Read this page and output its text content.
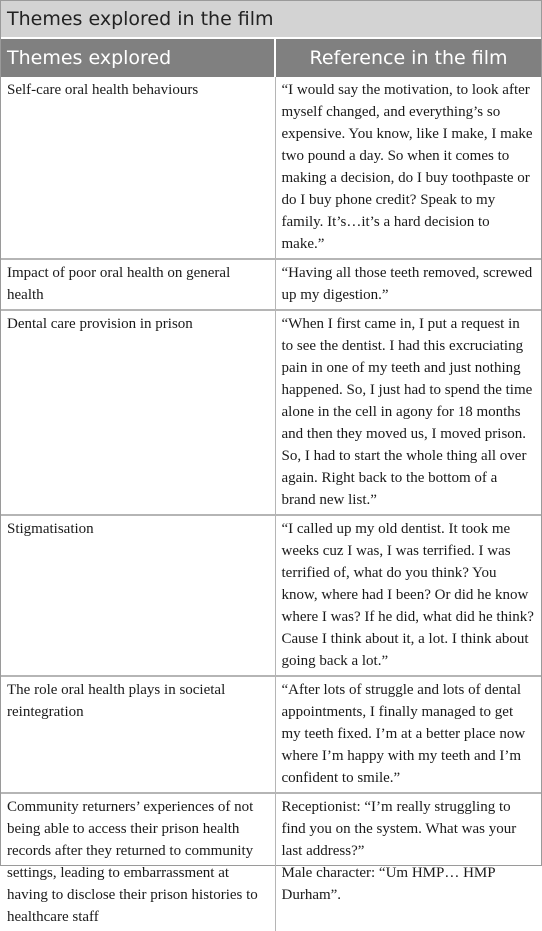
Themes explored in the film
Themes explored	Reference in the film
Self-care oral health behaviours	“I would say the motivation, to look after myself changed, and everything’s so expensive. You know, like I make, I make two pound a day. So when it comes to making a decision, do I buy toothpaste or do I buy phone credit? Speak to my family. It’s…it’s a hard decision to make.”
Impact of poor oral health on general health	“Having all those teeth removed, screwed up my digestion.”
Dental care provision in prison	“When I first came in, I put a request in to see the dentist. I had this excruciating pain in one of my teeth and just nothing happened. So, I just had to spend the time alone in the cell in agony for 18 months and then they moved us, I moved prison. So, I had to start the whole thing all over again. Right back to the bottom of a brand new list.”
Stigmatisation	“I called up my old dentist. It took me weeks cuz I was, I was terrified. I was terrified of, what do you think? You know, where had I been? Or did he know where I was? If he did, what did he think? Cause I think about it, a lot. I think about going back a lot.”
The role oral health plays in societal reintegration	“After lots of struggle and lots of dental appointments, I finally managed to get my teeth fixed. I’m at a better place now where I’m happy with my teeth and I’m confident to smile.”
Community returners’ experiences of not being able to access their prison health records after they returned to community settings, leading to embarrassment at having to disclose their prison histories to healthcare staff	Receptionist: “I’m really struggling to find you on the system. What was your last address?”
Male character: “Um HMP… HMP Durham”.
